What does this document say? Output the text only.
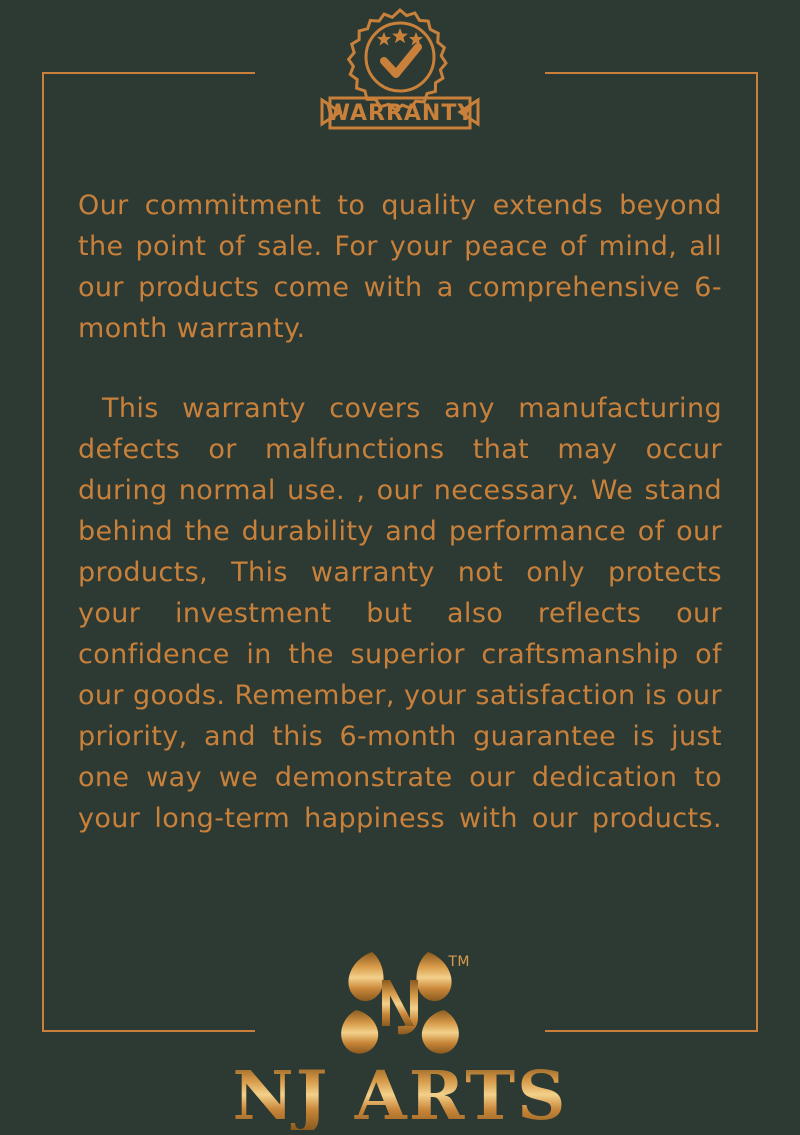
WARRANTY

Our commitment to quality extends beyond the point of sale. For your peace of mind, all our products come with a comprehensive 6-month warranty.

This warranty covers any manufacturing defects or malfunctions that may occur during normal use. , our necessary. We stand behind the durability and performance of our products, This warranty not only protects your investment but also reflects our confidence in the superior craftsmanship of our goods. Remember, your satisfaction is our priority, and this 6-month guarantee is just one way we demonstrate our dedication to your long-term happiness with our products.

TM
NJ ARTS
